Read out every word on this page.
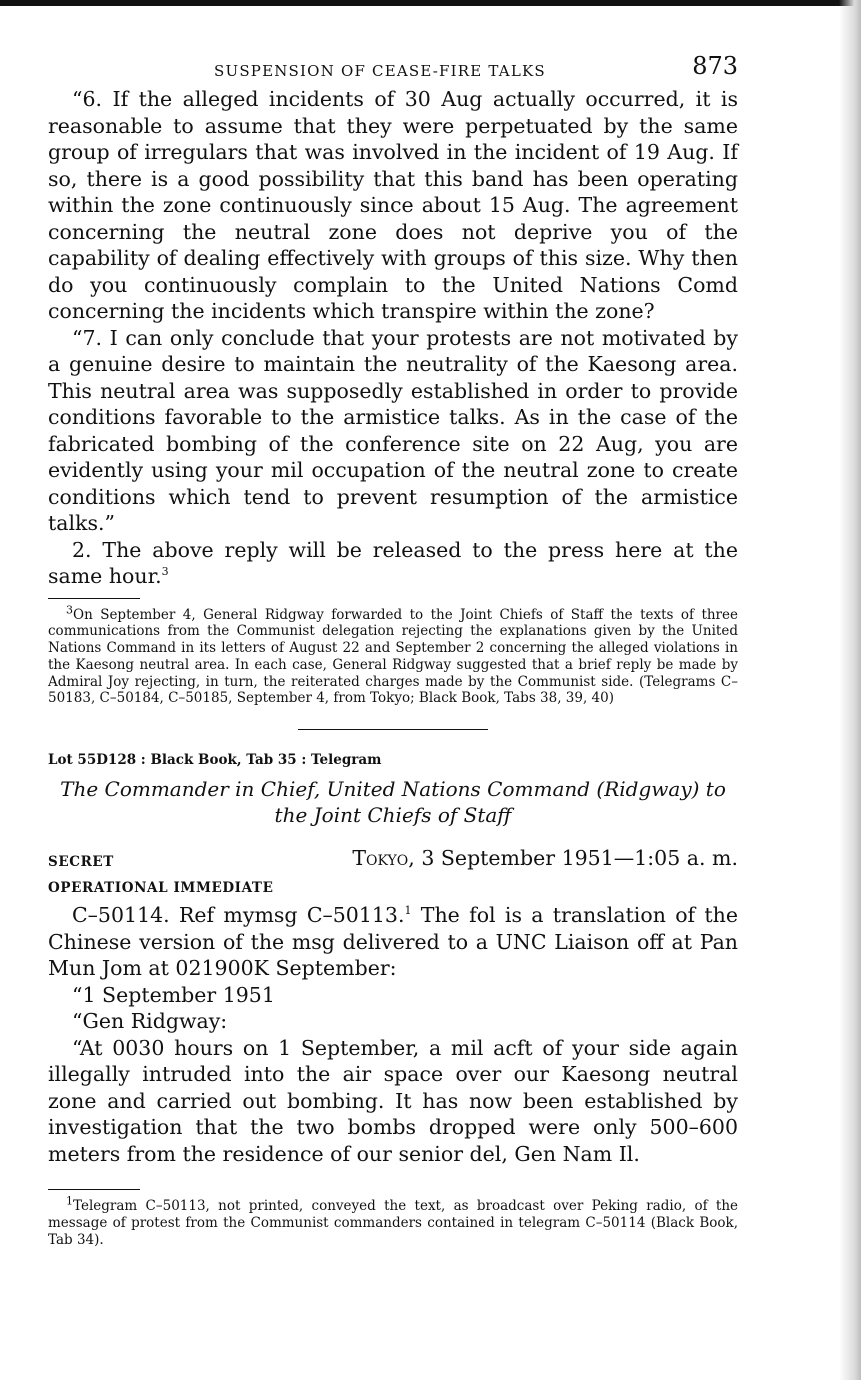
SUSPENSION OF CEASE-FIRE TALKS	873

“6. If the alleged incidents of 30 Aug actually occurred, it is reasonable to assume that they were perpetuated by the same group of irregulars that was involved in the incident of 19 Aug. If so, there is a good possibility that this band has been operating within the zone continuously since about 15 Aug. The agreement concerning the neutral zone does not deprive you of the capability of dealing effectively with groups of this size. Why then do you continuously complain to the United Nations Comd concerning the incidents which transpire within the zone?

“7. I can only conclude that your protests are not motivated by a genuine desire to maintain the neutrality of the Kaesong area. This neutral area was supposedly established in order to provide conditions favorable to the armistice talks. As in the case of the fabricated bombing of the conference site on 22 Aug, you are evidently using your mil occupation of the neutral zone to create conditions which tend to prevent resumption of the armistice talks.”

2. The above reply will be released to the press here at the same hour.$^3$

$^3$On September 4, General Ridgway forwarded to the Joint Chiefs of Staff the texts of three communications from the Communist delegation rejecting the explanations given by the United Nations Command in its letters of August 22 and September 2 concerning the alleged violations in the Kaesong neutral area. In each case, General Ridgway suggested that a brief reply be made by Admiral Joy rejecting, in turn, the reiterated charges made by the Communist side. (Telegrams C–50183, C–50184, C–50185, September 4, from Tokyo; Black Book, Tabs 38, 39, 40)

Lot 55D128 : Black Book, Tab 35 : Telegram
The Commander in Chief, United Nations Command (Ridgway) to
the Joint Chiefs of Staff
SECRET	Tokyo, 3 September 1951—1:05 a. m.
OPERATIONAL IMMEDIATE

C–50114. Ref mymsg C–50113.$^1$ The fol is a translation of the Chinese version of the msg delivered to a UNC Liaison off at Pan Mun Jom at 021900K September:

“1 September 1951

“Gen Ridgway:

“At 0030 hours on 1 September, a mil acft of your side again illegally intruded into the air space over our Kaesong neutral zone and carried out bombing. It has now been established by investigation that the two bombs dropped were only 500–600 meters from the residence of our senior del, Gen Nam Il.

$^1$Telegram C–50113, not printed, conveyed the text, as broadcast over Peking radio, of the message of protest from the Communist commanders contained in telegram C–50114 (Black Book, Tab 34).
